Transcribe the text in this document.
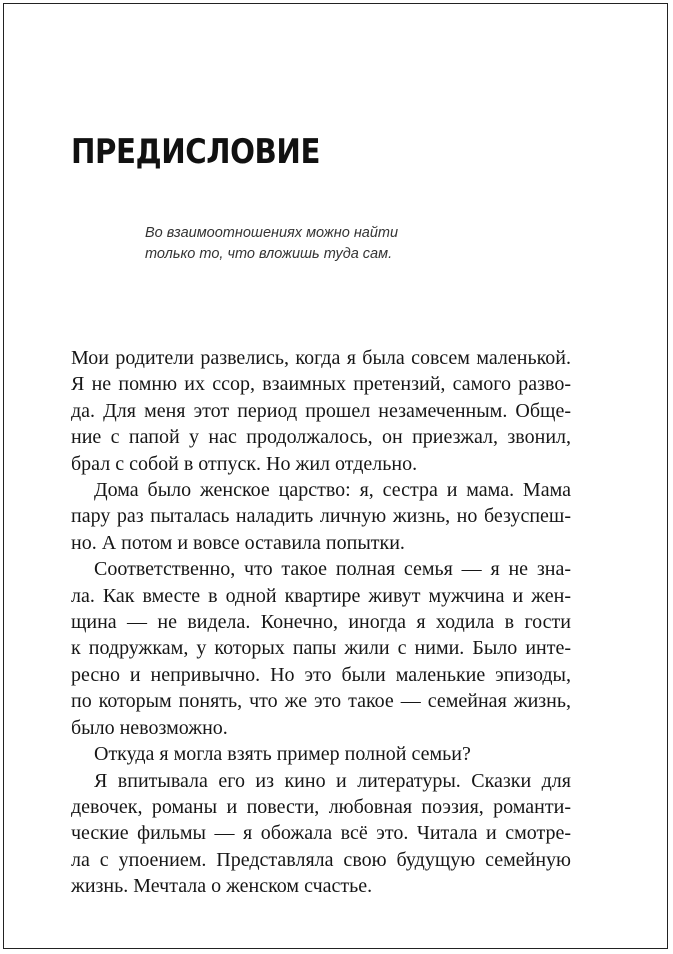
ПРЕДИСЛОВИЕ
Во взаимоотношениях можно найти
только то, что вложишь туда сам.

Мои родители развелись, когда я была совсем маленькой.
Я не помню их ссор, взаимных претензий, самого разво-
да. Для меня этот период прошел незамеченным. Обще-
ние с папой у нас продолжалось, он приезжал, звонил,
брал с собой в отпуск. Но жил отдельно.

Дома было женское царство: я, сестра и мама. Мама
пару раз пыталась наладить личную жизнь, но безуспеш-
но. А потом и вовсе оставила попытки.

Соответственно, что такое полная семья — я не зна-
ла. Как вместе в одной квартире живут мужчина и жен-
щина — не видела. Конечно, иногда я ходила в гости
к подружкам, у которых папы жили с ними. Было инте-
ресно и непривычно. Но это были маленькие эпизоды,
по которым понять, что же это такое — семейная жизнь,
было невозможно.

Откуда я могла взять пример полной семьи?

Я впитывала его из кино и литературы. Сказки для
девочек, романы и повести, любовная поэзия, романти-
ческие фильмы — я обожала всё это. Читала и смотре-
ла с упоением. Представляла свою будущую семейную
жизнь. Мечтала о женском счастье.
